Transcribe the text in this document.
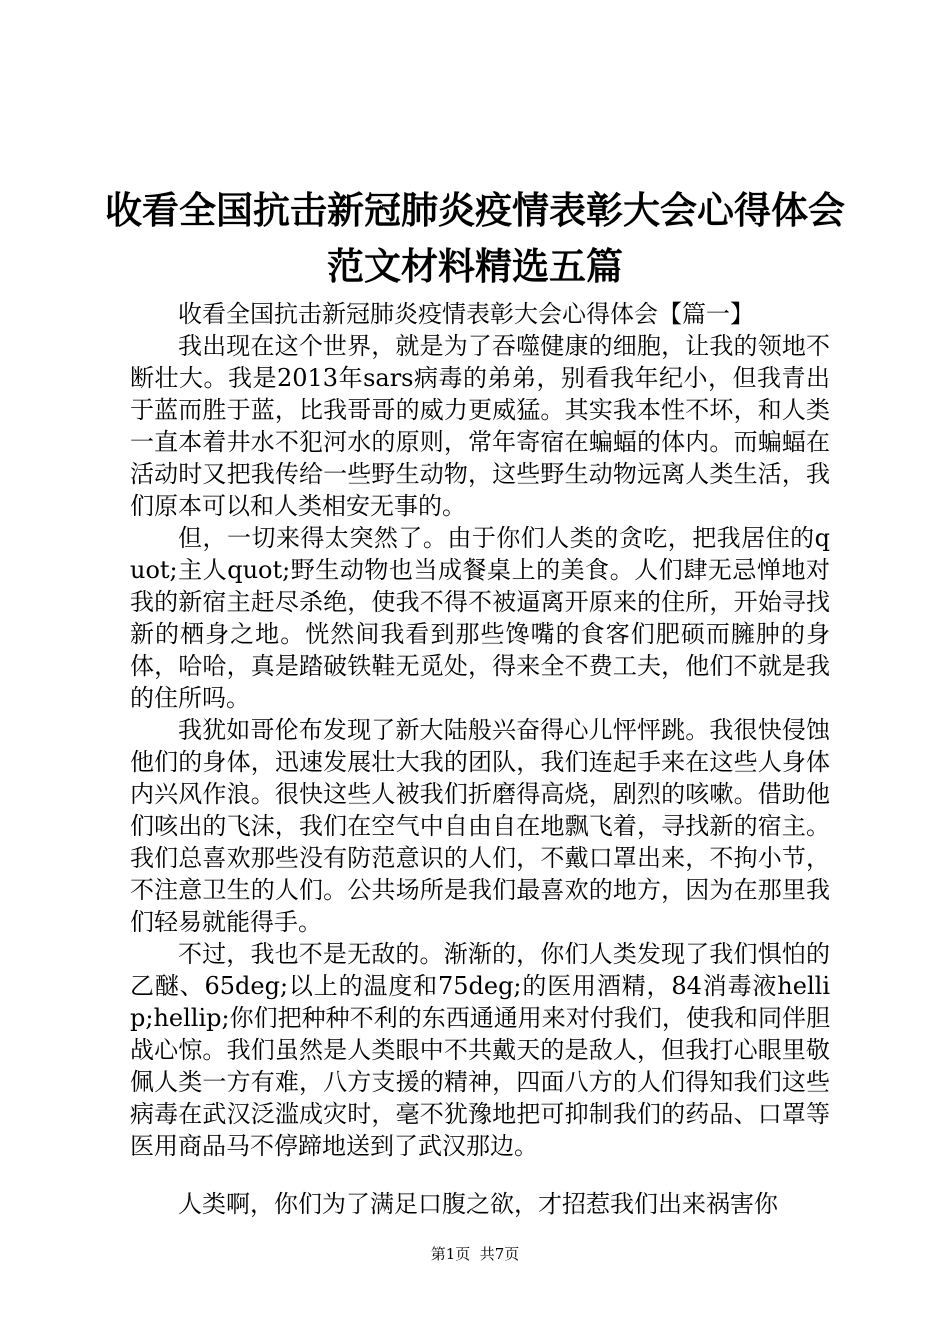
收看全国抗击新冠肺炎疫情表彰大会心得体会
范文材料精选五篇

收看全国抗击新冠肺炎疫情表彰大会心得体会【篇一】

我出现在这个世界，就是为了吞噬健康的细胞，让我的领地不断壮大。我是2013年sars病毒的弟弟，别看我年纪小，但我青出于蓝而胜于蓝，比我哥哥的威力更威猛。其实我本性不坏，和人类一直本着井水不犯河水的原则，常年寄宿在蝙蝠的体内。而蝙蝠在活动时又把我传给一些野生动物，这些野生动物远离人类生活，我们原本可以和人类相安无事的。

但，一切来得太突然了。由于你们人类的贪吃，把我居住的quot;主人quot;野生动物也当成餐桌上的美食。人们肆无忌惮地对我的新宿主赶尽杀绝，使我不得不被逼离开原来的住所，开始寻找新的栖身之地。恍然间我看到那些馋嘴的食客们肥硕而臃肿的身体，哈哈，真是踏破铁鞋无觅处，得来全不费工夫，他们不就是我的住所吗。

我犹如哥伦布发现了新大陆般兴奋得心儿怦怦跳。我很快侵蚀他们的身体，迅速发展壮大我的团队，我们连起手来在这些人身体内兴风作浪。很快这些人被我们折磨得高烧，剧烈的咳嗽。借助他们咳出的飞沫，我们在空气中自由自在地飘飞着，寻找新的宿主。我们总喜欢那些没有防范意识的人们，不戴口罩出来，不拘小节，不注意卫生的人们。公共场所是我们最喜欢的地方，因为在那里我们轻易就能得手。

不过，我也不是无敌的。渐渐的，你们人类发现了我们惧怕的乙醚、65deg;以上的温度和75deg;的医用酒精，84消毒液hellip;hellip;你们把种种不利的东西通通用来对付我们，使我和同伴胆战心惊。我们虽然是人类眼中不共戴天的是敌人，但我打心眼里敬佩人类一方有难，八方支援的精神，四面八方的人们得知我们这些病毒在武汉泛滥成灾时，毫不犹豫地把可抑制我们的药品、口罩等医用商品马不停蹄地送到了武汉那边。

人类啊，你们为了满足口腹之欲，才招惹我们出来祸害你

第1页  共7页
